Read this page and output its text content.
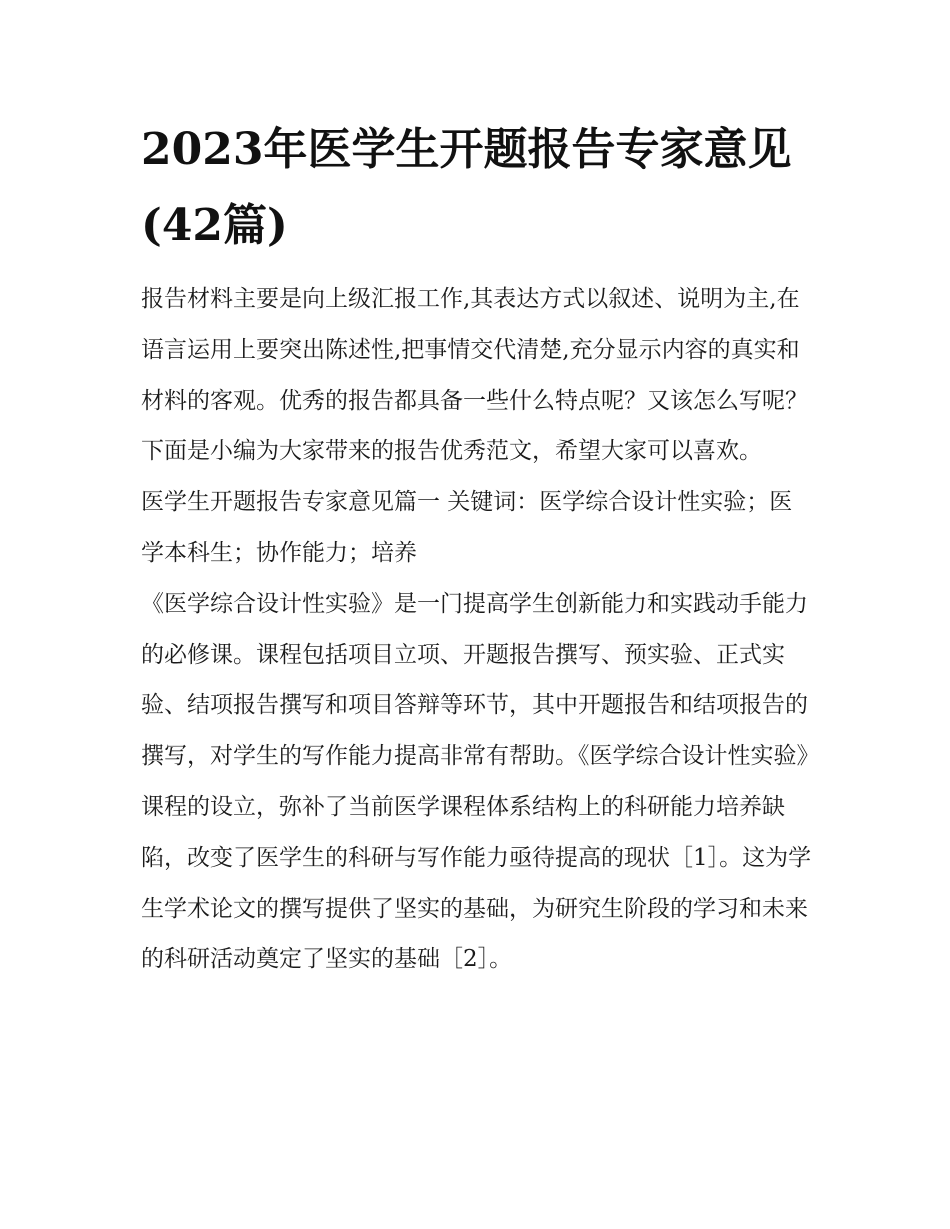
2023年医学生开题报告专家意见(42篇)

报告材料主要是向上级汇报工作,其表达方式以叙述、说明为主,在语言运用上要突出陈述性,把事情交代清楚,充分显示内容的真实和材料的客观。优秀的报告都具备一些什么特点呢？又该怎么写呢？下面是小编为大家带来的报告优秀范文，希望大家可以喜欢。

医学生开题报告专家意见篇一 关键词：医学综合设计性实验；医学本科生；协作能力；培养

《医学综合设计性实验》是一门提高学生创新能力和实践动手能力的必修课。课程包括项目立项、开题报告撰写、预实验、正式实验、结项报告撰写和项目答辩等环节，其中开题报告和结项报告的撰写，对学生的写作能力提高非常有帮助。《医学综合设计性实验》课程的设立，弥补了当前医学课程体系结构上的科研能力培养缺陷，改变了医学生的科研与写作能力亟待提高的现状［1］。这为学生学术论文的撰写提供了坚实的基础，为研究生阶段的学习和未来的科研活动奠定了坚实的基础［2］。
